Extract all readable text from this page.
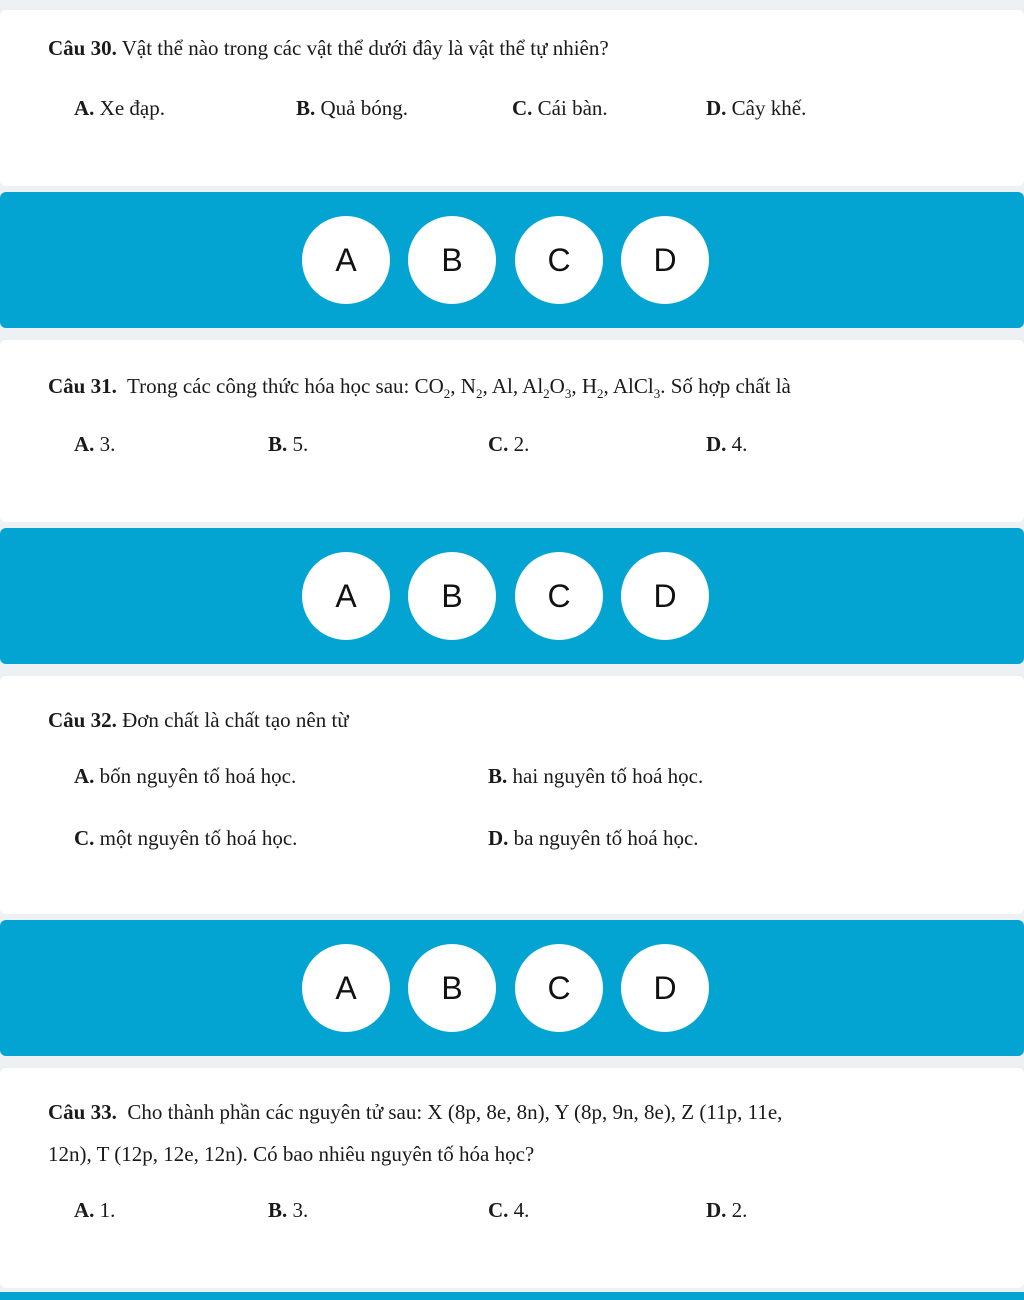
Câu 30. Vật thể nào trong các vật thể dưới đây là vật thể tự nhiên?
A. Xe đạp.	B. Quả bóng.	C. Cái bàn.	D. Cây khế.
A	B	C	D
Câu 31. Trong các công thức hóa học sau: $CO_2$, $N_2$, Al, $Al_2O_3$, $H_2$, AlCl$_3$. Số hợp chất là
A. 3.	B. 5.	C. 2.	D. 4.
A	B	C	D
Câu 32. Đơn chất là chất tạo nên từ
A. bốn nguyên tố hoá học.	B. hai nguyên tố hoá học.
C. một nguyên tố hoá học.	D. ba nguyên tố hoá học.
A	B	C	D
Câu 33. Cho thành phần các nguyên tử sau: X (8p, 8e, 8n), Y (8p, 9n, 8e), Z (11p, 11e,
12n), T (12p, 12e, 12n). Có bao nhiêu nguyên tố hóa học?
A. 1.	B. 3.	C. 4.	D. 2.
